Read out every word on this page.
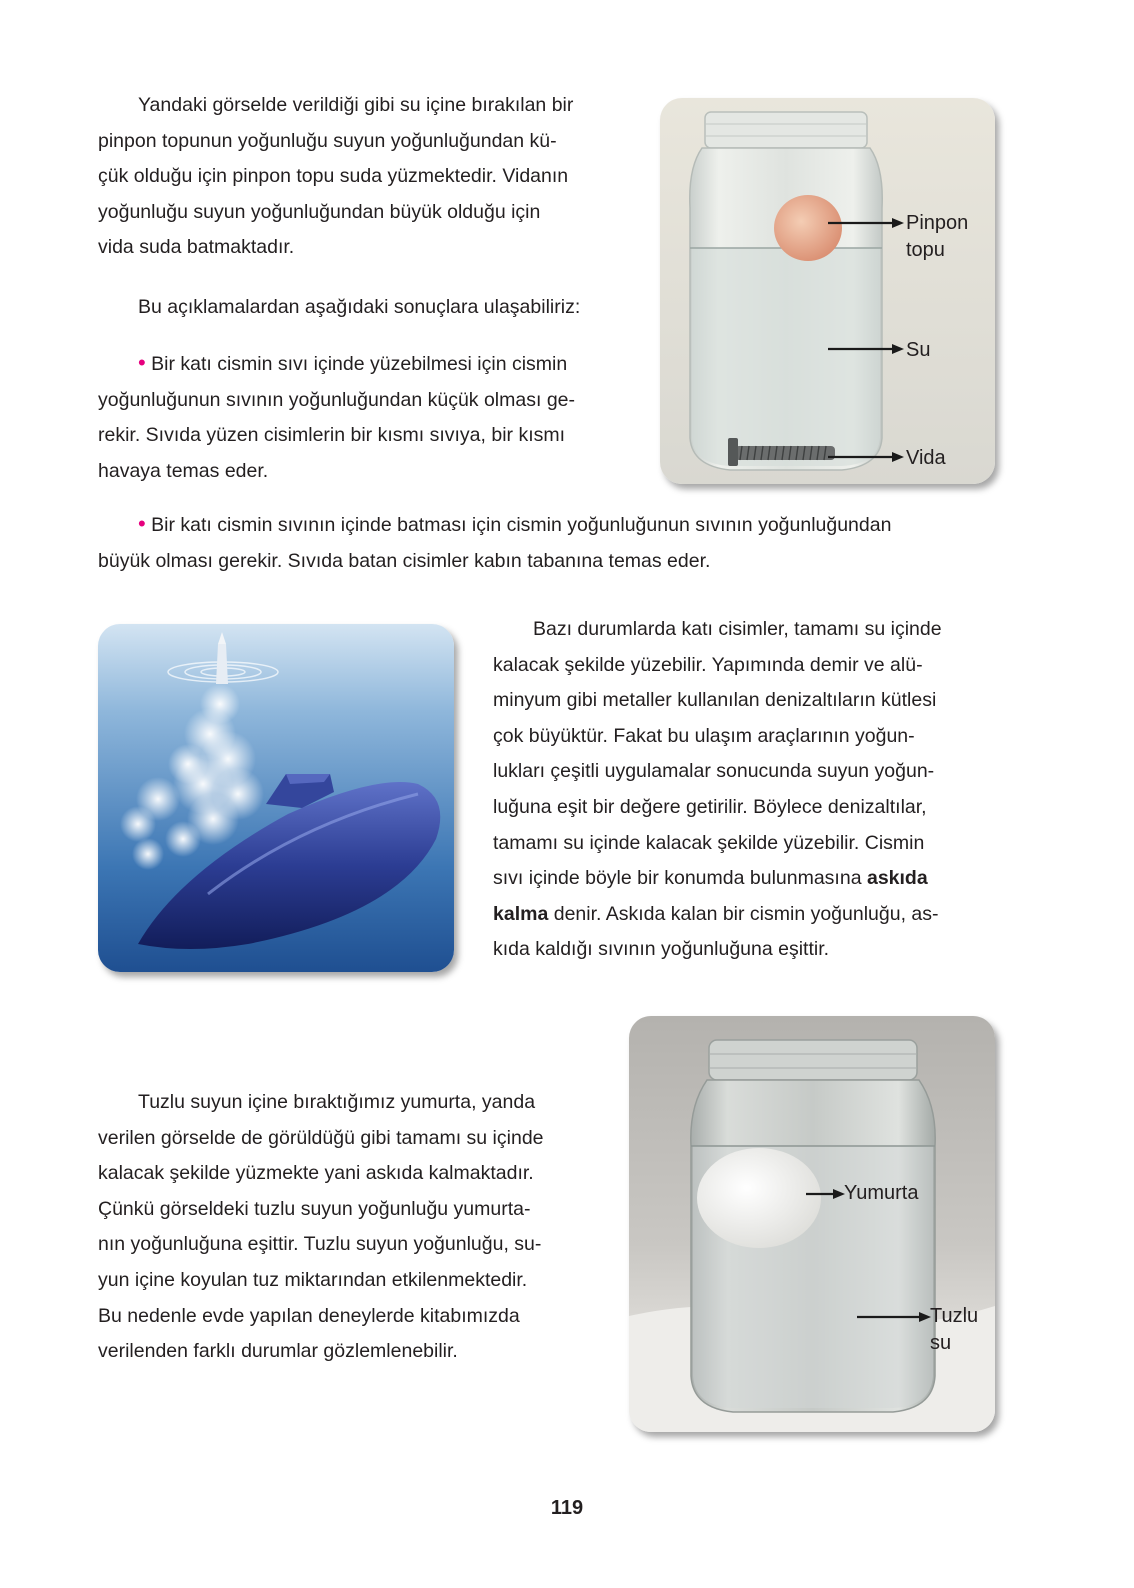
Yandaki görselde verildiği gibi su içine bırakılan bir
pinpon topunun yoğunluğu suyun yoğunluğundan kü-
çük olduğu için pinpon topu suda yüzmektedir. Vidanın
yoğunluğu suyun yoğunluğundan büyük olduğu için
vida suda batmaktadır.
Bu açıklamalardan aşağıdaki sonuçlara ulaşabiliriz:
• Bir katı cismin sıvı içinde yüzebilmesi için cismin
yoğunluğunun sıvının yoğunluğundan küçük olması ge-
rekir. Sıvıda yüzen cisimlerin bir kısmı sıvıya, bir kısmı
havaya temas eder.
• Bir katı cismin sıvının içinde batması için cismin yoğunluğunun sıvının yoğunluğundan
büyük olması gerekir. Sıvıda batan cisimler kabın tabanına temas eder.
Pinpon
topu
Su
Vida
Bazı durumlarda katı cisimler, tamamı su içinde
kalacak şekilde yüzebilir. Yapımında demir ve alü-
minyum gibi metaller kullanılan denizaltıların kütlesi
çok büyüktür. Fakat bu ulaşım araçlarının yoğun-
lukları çeşitli uygulamalar sonucunda suyun yoğun-
luğuna eşit bir değere getirilir. Böylece denizaltılar,
tamamı su içinde kalacak şekilde yüzebilir. Cismin
sıvı içinde böyle bir konumda bulunmasına askıda
kalma denir. Askıda kalan bir cismin yoğunluğu, as-
kıda kaldığı sıvının yoğunluğuna eşittir.
Yumurta
Tuzlu
su
Tuzlu suyun içine bıraktığımız yumurta, yanda
verilen görselde de görüldüğü gibi tamamı su içinde
kalacak şekilde yüzmekte yani askıda kalmaktadır.
Çünkü görseldeki tuzlu suyun yoğunluğu yumurta-
nın yoğunluğuna eşittir. Tuzlu suyun yoğunluğu, su-
yun içine koyulan tuz miktarından etkilenmektedir.
Bu nedenle evde yapılan deneylerde kitabımızda
verilenden farklı durumlar gözlemlenebilir.
119
